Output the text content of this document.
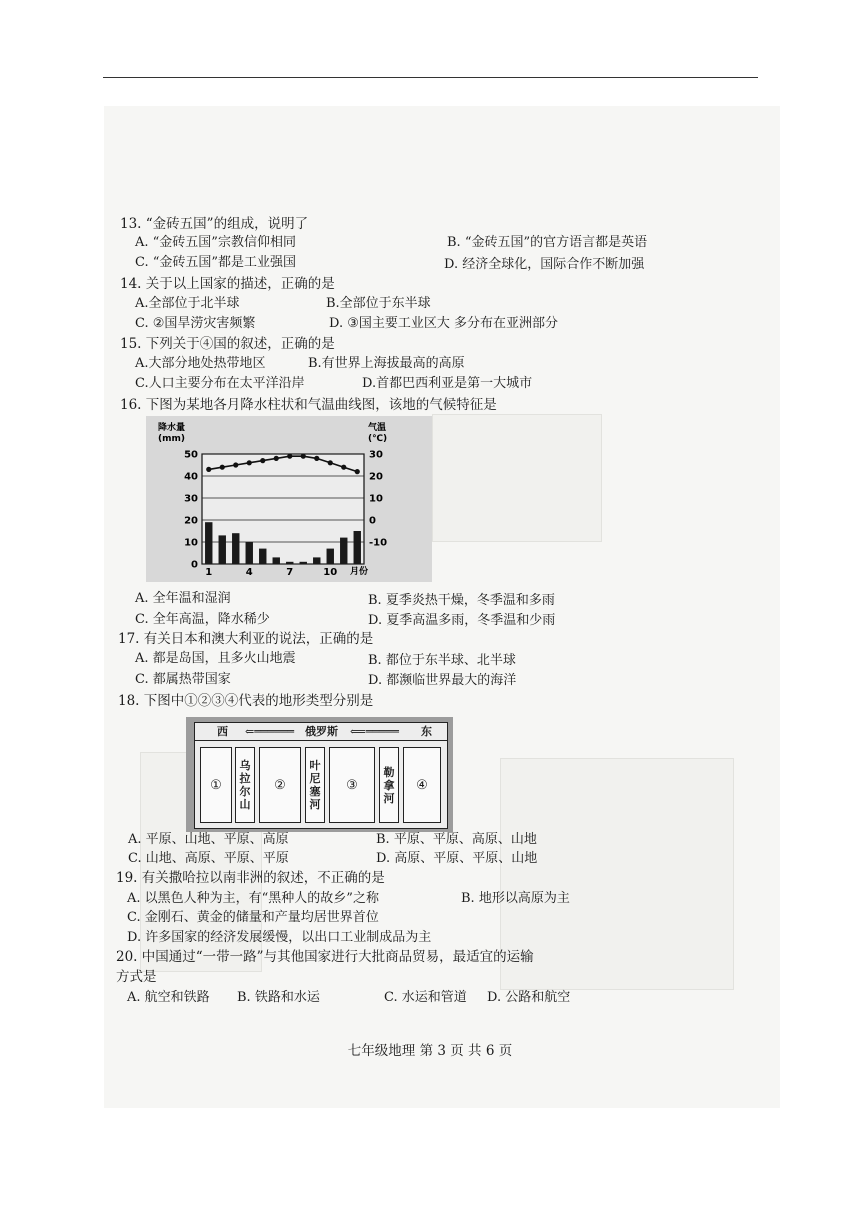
13. “金砖五国”的组成，说明了
A. “金砖五国”宗教信仰相同	B. “金砖五国”的官方语言都是英语
C. “金砖五国”都是工业强国	D. 经济全球化，国际合作不断加强
14. 关于以上国家的描述，正确的是
A.全部位于北半球	B.全部位于东半球
C. ②国旱涝灾害频繁	D. ③国主要工业区大 多分布在亚洲部分
15. 下列关于④国的叙述，正确的是
A.大部分地处热带地区	B.有世界上海拔最高的高原
C.人口主要分布在太平洋沿岸	D.首都巴西利亚是第一大城市
16. 下图为某地各月降水柱状和气温曲线图，该地的气候特征是
降水量
(mm)
气温
(℃)
月份
0
10
20
30
40
50
-10
0
10
20
30
1	4	7	10
A. 全年温和湿润	B. 夏季炎热干燥，冬季温和多雨
C. 全年高温，降水稀少	D. 夏季高温多雨，冬季温和少雨
17. 有关日本和澳大利亚的说法，正确的是
A. 都是岛国，且多火山地震	B. 都位于东半球、北半球
C. 都属热带国家	D. 都濒临世界最大的海洋
18. 下图中①②③④代表的地形类型分别是
西 ⇐══════ 俄罗斯 ⟸═════ 东
①
乌拉尔山
②
叶尼塞河
③
勒拿河
④
A. 平原、山地、平原、高原	B. 平原、平原、高原、山地
C. 山地、高原、平原、平原	D. 高原、平原、平原、山地
19. 有关撒哈拉以南非洲的叙述，不正确的是
A. 以黑色人种为主，有“黑种人的故乡”之称	B. 地形以高原为主
C. 金刚石、黄金的储量和产量均居世界首位
D. 许多国家的经济发展缓慢，以出口工业制成品为主
20. 中国通过“一带一路”与其他国家进行大批商品贸易，最适宜的运输
方式是
A. 航空和铁路 B. 铁路和水运	C. 水运和管道 D. 公路和航空
七年级地理 第 3 页 共 6 页
